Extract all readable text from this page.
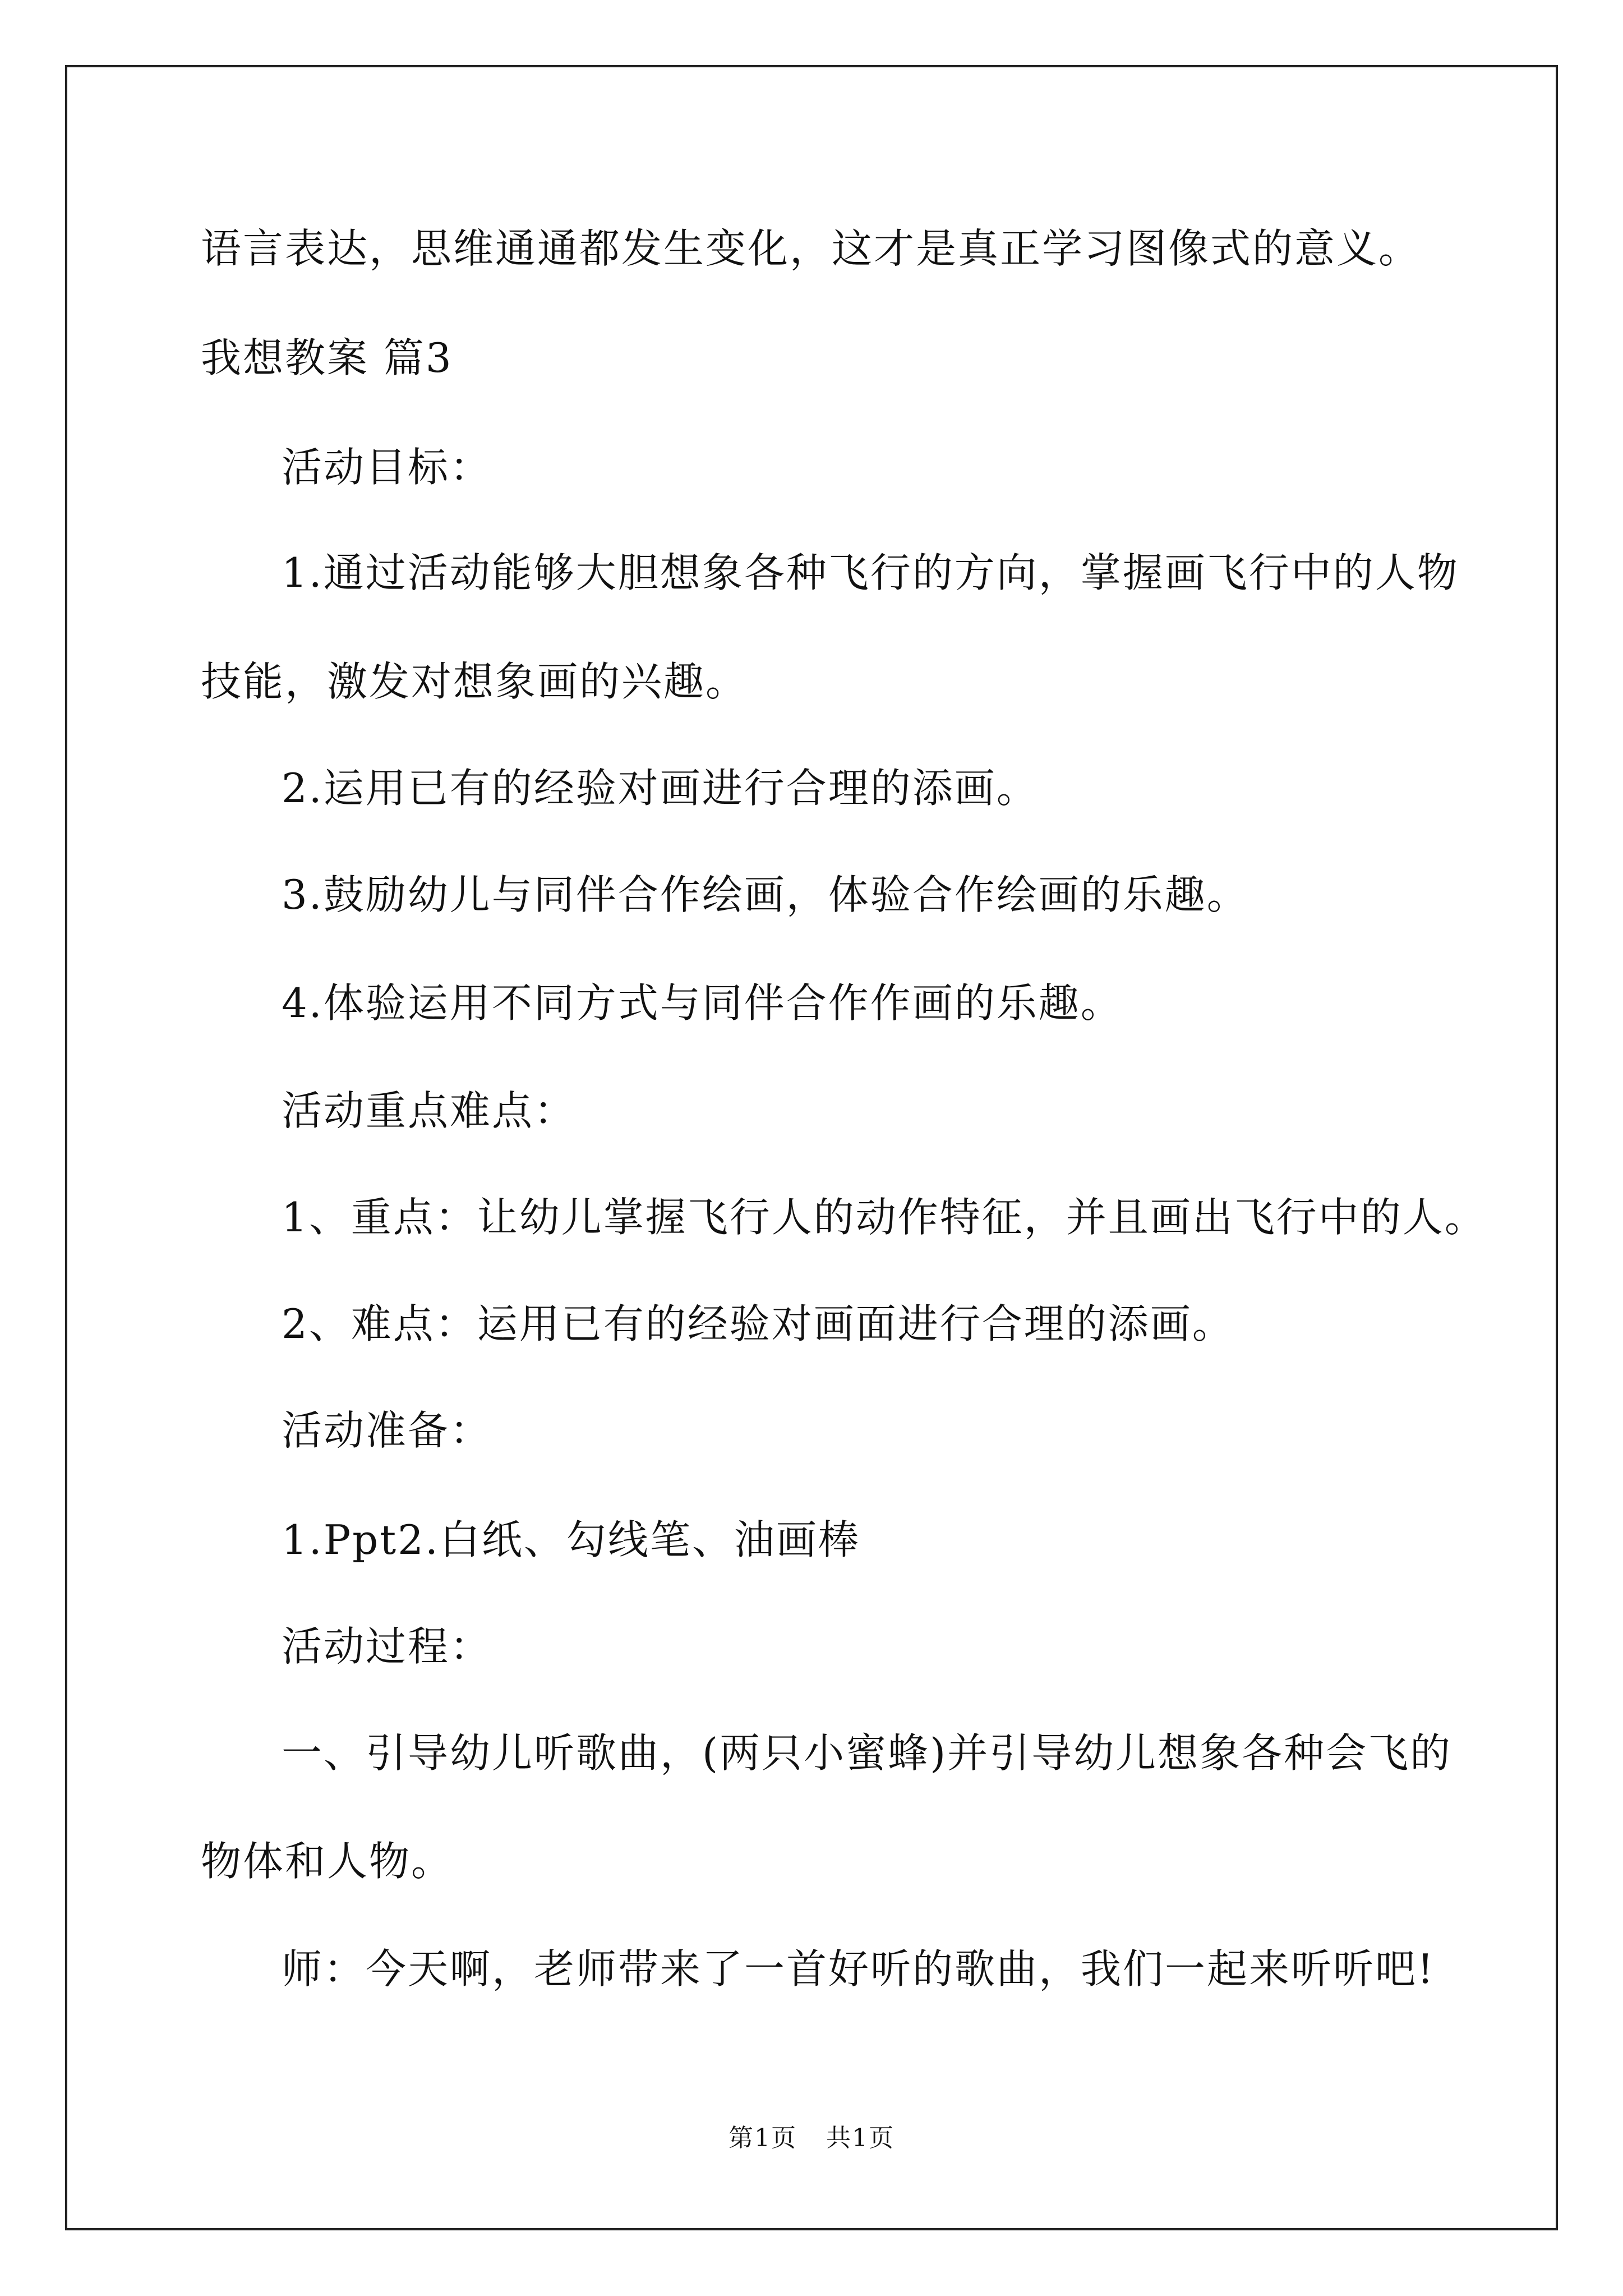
语言表达，思维通通都发生变化，这才是真正学习图像式的意义。
我想教案 篇3
活动目标：
1.通过活动能够大胆想象各种飞行的方向，掌握画飞行中的人物
技能，激发对想象画的兴趣。
2.运用已有的经验对画进行合理的添画。
3.鼓励幼儿与同伴合作绘画，体验合作绘画的乐趣。
4.体验运用不同方式与同伴合作作画的乐趣。
活动重点难点：
1、重点：让幼儿掌握飞行人的动作特征，并且画出飞行中的人。
2、难点：运用已有的经验对画面进行合理的添画。
活动准备：
1.Ppt2.白纸、勾线笔、油画棒
活动过程：
一、引导幼儿听歌曲，(两只小蜜蜂)并引导幼儿想象各种会飞的
物体和人物。
师：今天啊，老师带来了一首好听的歌曲，我们一起来听听吧!
第1页 共1页
